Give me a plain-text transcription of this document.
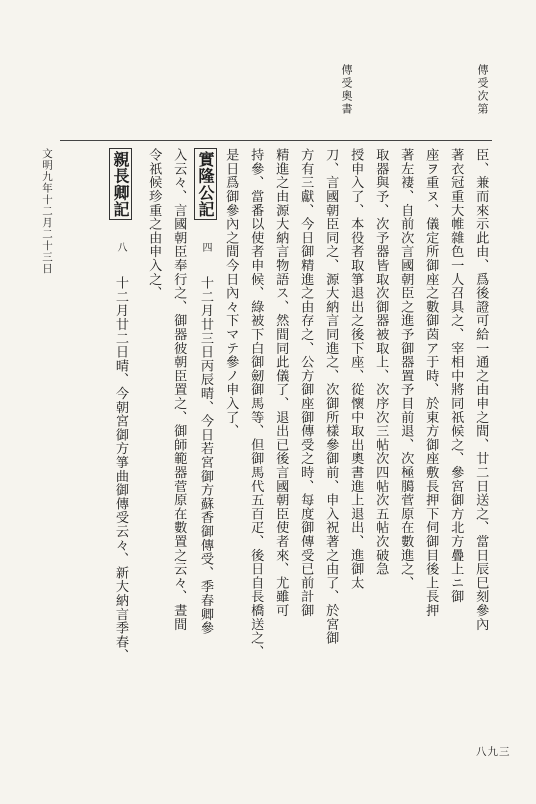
傳受次第
傳受奧書
臣、兼而來示此由、爲後證可給一通之由申之間、廿二日送之、當日辰巳刻參內
著衣冠重大帷雜色一人召具之、宰相中將同祇候之、參宮御方北方疊上ニ御
座ヲ重ヌ、儀定所御座之數御茵ア于時、於東方御座敷長押下伺御目後上長押
著左褄、自前次言國朝臣之進予御器置予目前退、次極臈菅原在數進之、
取器與予、次予器皆取次御器被取上、次序次三帖次四帖次五帖次破急
授申入了、本役者取箏退出之後下座、從懷中取出奧書進上退出、進御太
刀、言國朝臣同之、源大納言同進之、次御所樣參御前、申入祝著之由了、於宮御
方有三獻、今日御精進之由存之、公方御座御傳受之時、每度御傳受已前計御
精進之由源大納言物語ス、然間同此儀了、退出已後言國朝臣使者來、尤雖可
持參、當番以使者申候、綠被下白御劒御馬等、但御馬代五百疋、後日自長橋送之、
是日爲御參內之間今日內々下マテ參ノ申入了、
實隆公記 四 十二月廿三日丙辰晴、今日若宮御方蘇香御傳受、季春卿參
入云々、言國朝臣奉行之、御器彼朝臣置之、御師範器菅原在數置之云々、晝間
令祇候珍重之由申入之、
親長卿記 八 十二月廿二日晴、今朝宮御方箏曲御傳受云々、新大納言季春、
文明九年十二月二十三日
八九三
